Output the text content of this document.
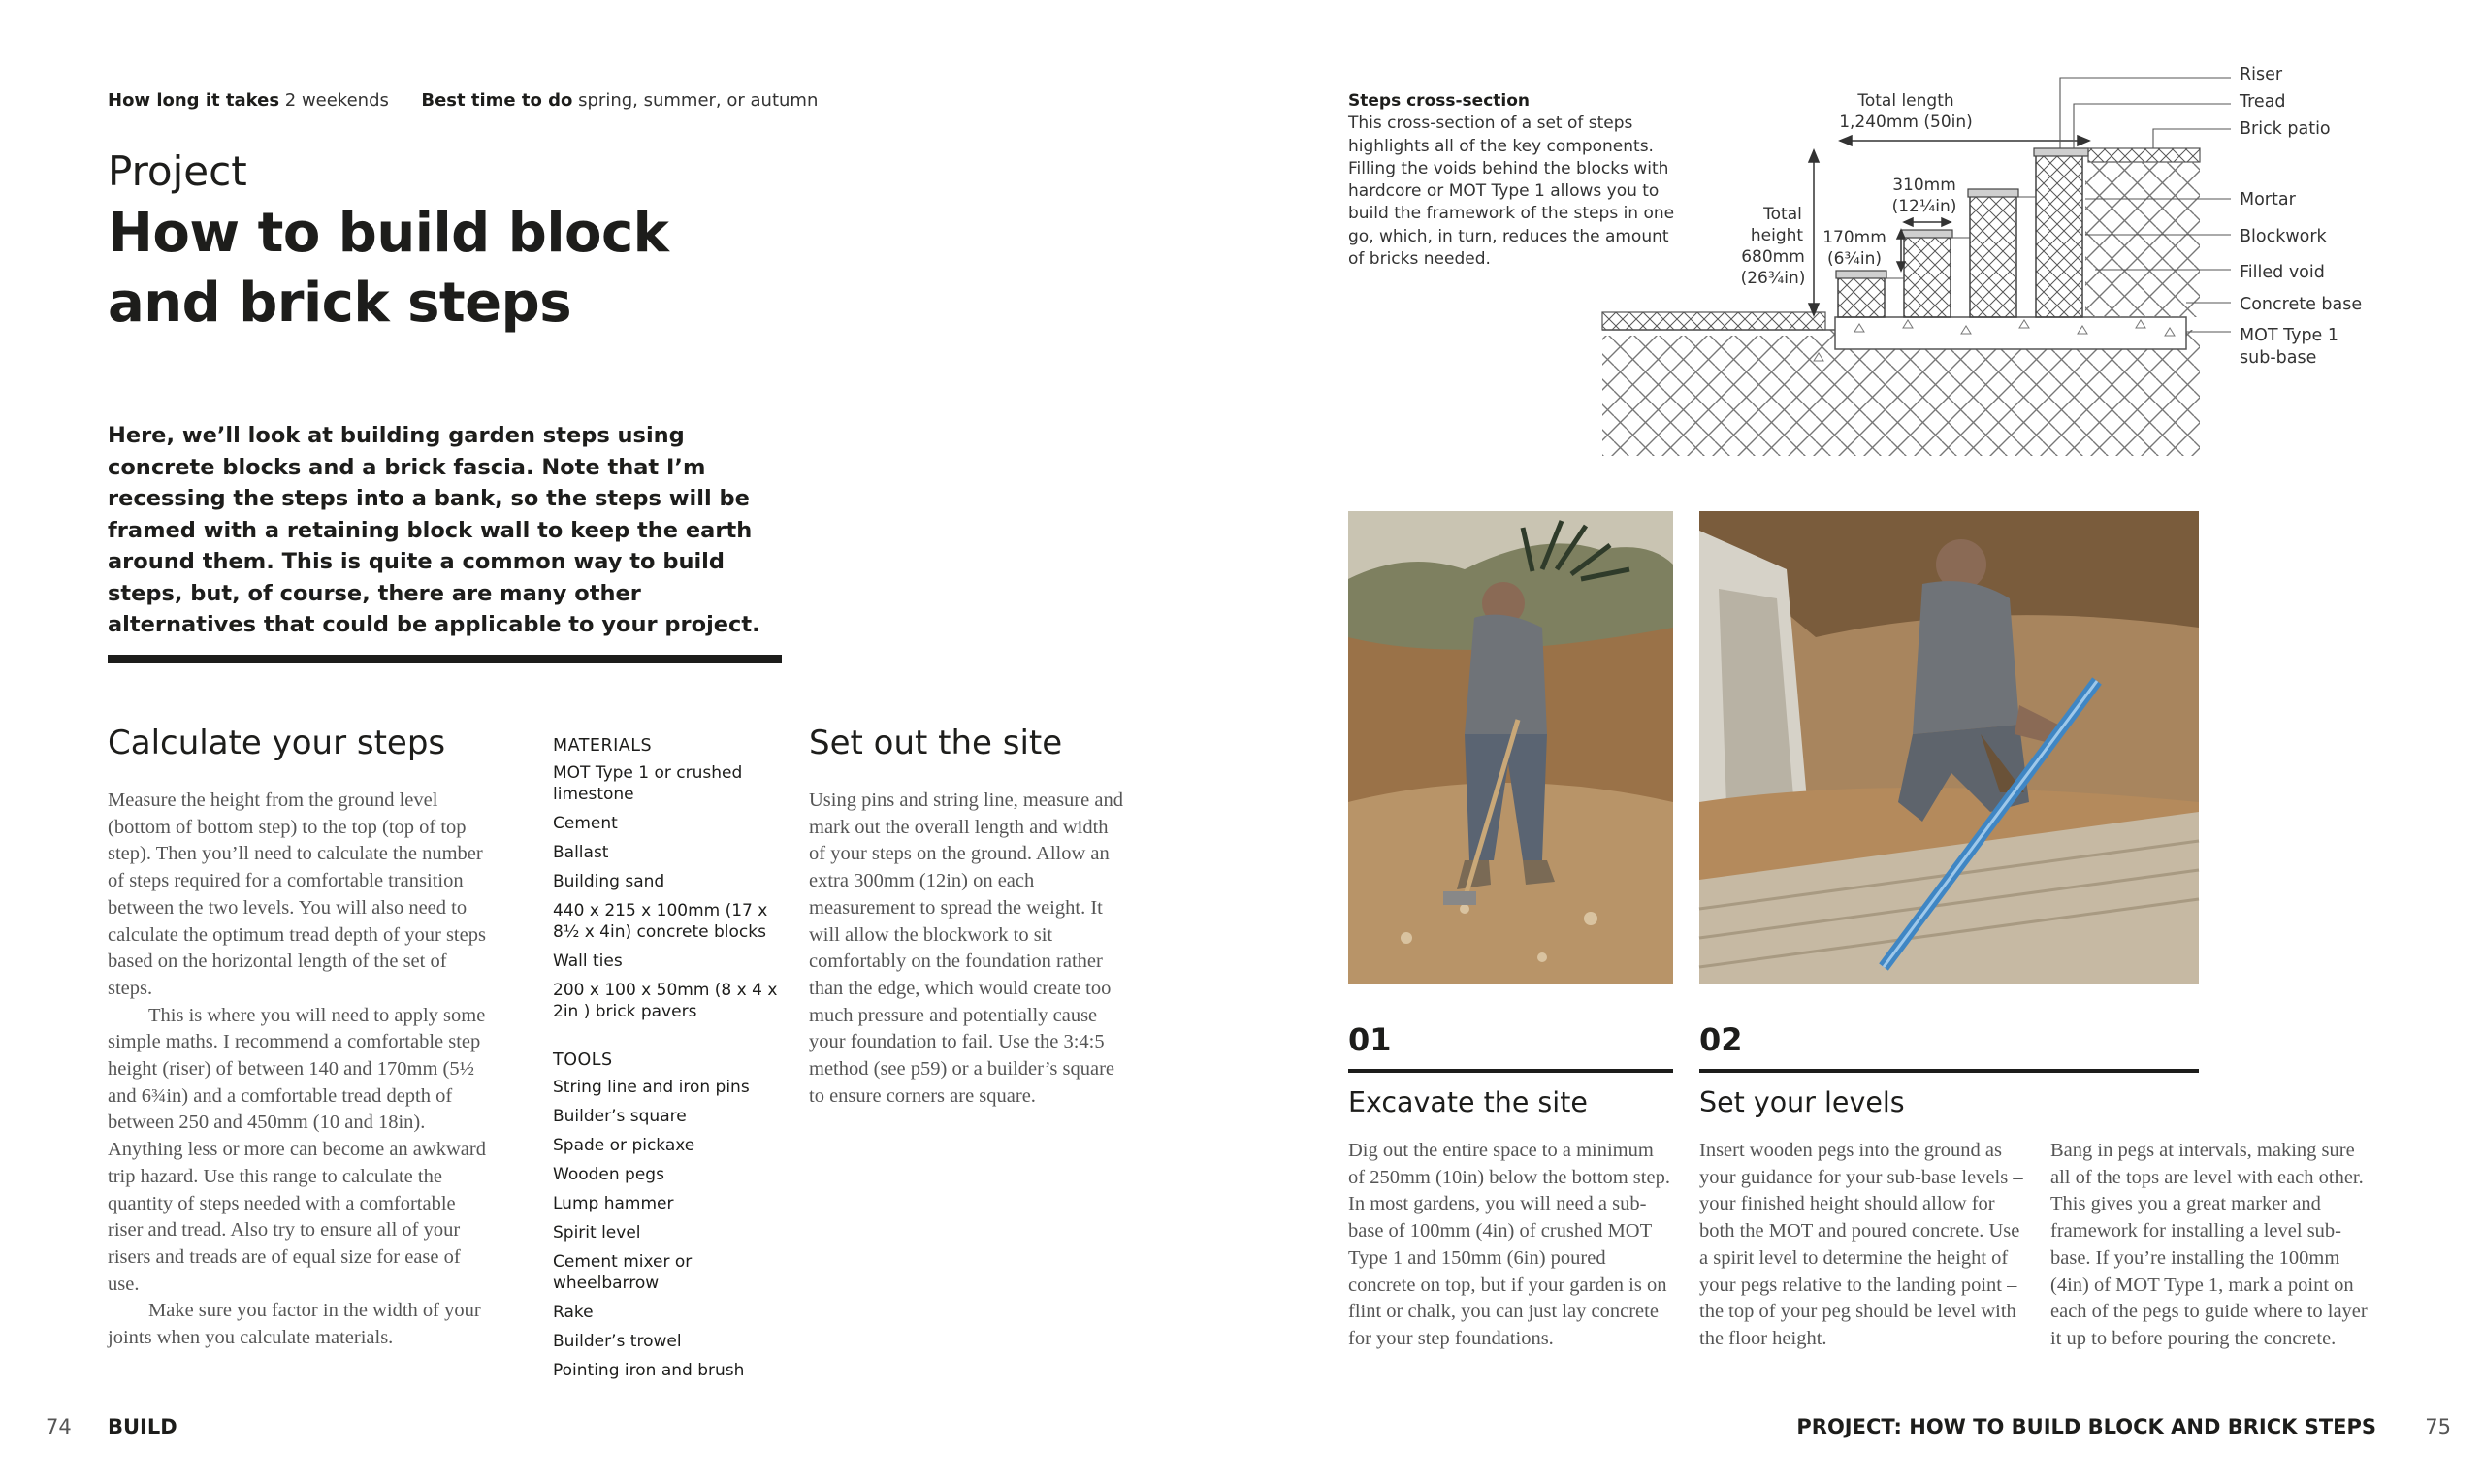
How long it takes 2 weekends Best time to do spring, summer, or autumn
Project
How to build block and brick steps
Here, we’ll look at building garden steps using concrete blocks and a brick fascia. Note that I’m recessing the steps into a bank, so the steps will be framed with a retaining block wall to keep the earth around them. This is quite a common way to build steps, but, of course, there are many other alternatives that could be applicable to your project.
Calculate your steps

Measure the height from the ground level (bottom of bottom step) to the top (top of top step). Then you’ll need to calculate the number of steps required for a comfortable transition between the two levels. You will also need to calculate the optimum tread depth of your steps based on the horizontal length of the set of steps.

This is where you will need to apply some simple maths. I recommend a comfortable step height (riser) of between 140 and 170mm (5½ and 6¾in) and a comfortable tread depth of between 250 and 450mm (10 and 18in). Anything less or more can become an awkward trip hazard. Use this range to calculate the quantity of steps needed with a comfortable riser and tread. Also try to ensure all of your risers and treads are of equal size for ease of use.

Make sure you factor in the width of your joints when you calculate materials.

MATERIALS
MOT Type 1 or crushed limestone
Cement
Ballast
Building sand
440 x 215 x 100mm (17 x 8½ x 4in) concrete blocks
Wall ties
200 x 100 x 50mm (8 x 4 x 2in ) brick pavers
TOOLS
String line and iron pins
Builder’s square
Spade or pickaxe
Wooden pegs
Lump hammer
Spirit level
Cement mixer or wheelbarrow
Rake
Builder’s trowel
Pointing iron and brush
Set out the site

Using pins and string line, measure and mark out the overall length and width of your steps on the ground. Allow an extra 300mm (12in) on each measurement to spread the weight. It will allow the blockwork to sit comfortably on the foundation rather than the edge, which would create too much pressure and potentially cause your foundation to fail. Use the 3:4:5 method (see p59) or a builder’s square to ensure corners are square.

74 BUILD
Steps cross-section
This cross-section of a set of steps highlights all of the key components. Filling the voids behind the blocks with hardcore or MOT Type 1 allows you to build the framework of the steps in one go, which, in turn, reduces the amount of bricks needed.
Total length
1,240mm (50in)
310mm
(12¼in)
170mm
(6¾in)
Total
height
680mm
(26¾in)
Riser
Tread
Brick patio
Mortar
Blockwork
Filled void
Concrete base
MOT Type 1
sub-base
01
Excavate the site
Dig out the entire space to a minimum of 250mm (10in) below the bottom step. In most gardens, you will need a sub-base of 100mm (4in) of crushed MOT Type 1 and 150mm (6in) poured concrete on top, but if your garden is on flint or chalk, you can just lay concrete for your step foundations.
02
Set your levels
Insert wooden pegs into the ground as your guidance for your sub-base levels – your finished height should allow for both the MOT and poured concrete. Use a spirit level to determine the height of your pegs relative to the landing point – the top of your peg should be level with the floor height.
Bang in pegs at intervals, making sure all of the tops are level with each other. This gives you a great marker and framework for installing a level sub-base. If you’re installing the 100mm (4in) of MOT Type 1, mark a point on each of the pegs to guide where to layer it up to before pouring the concrete.
PROJECT: HOW TO BUILD BLOCK AND BRICK STEPS 75
